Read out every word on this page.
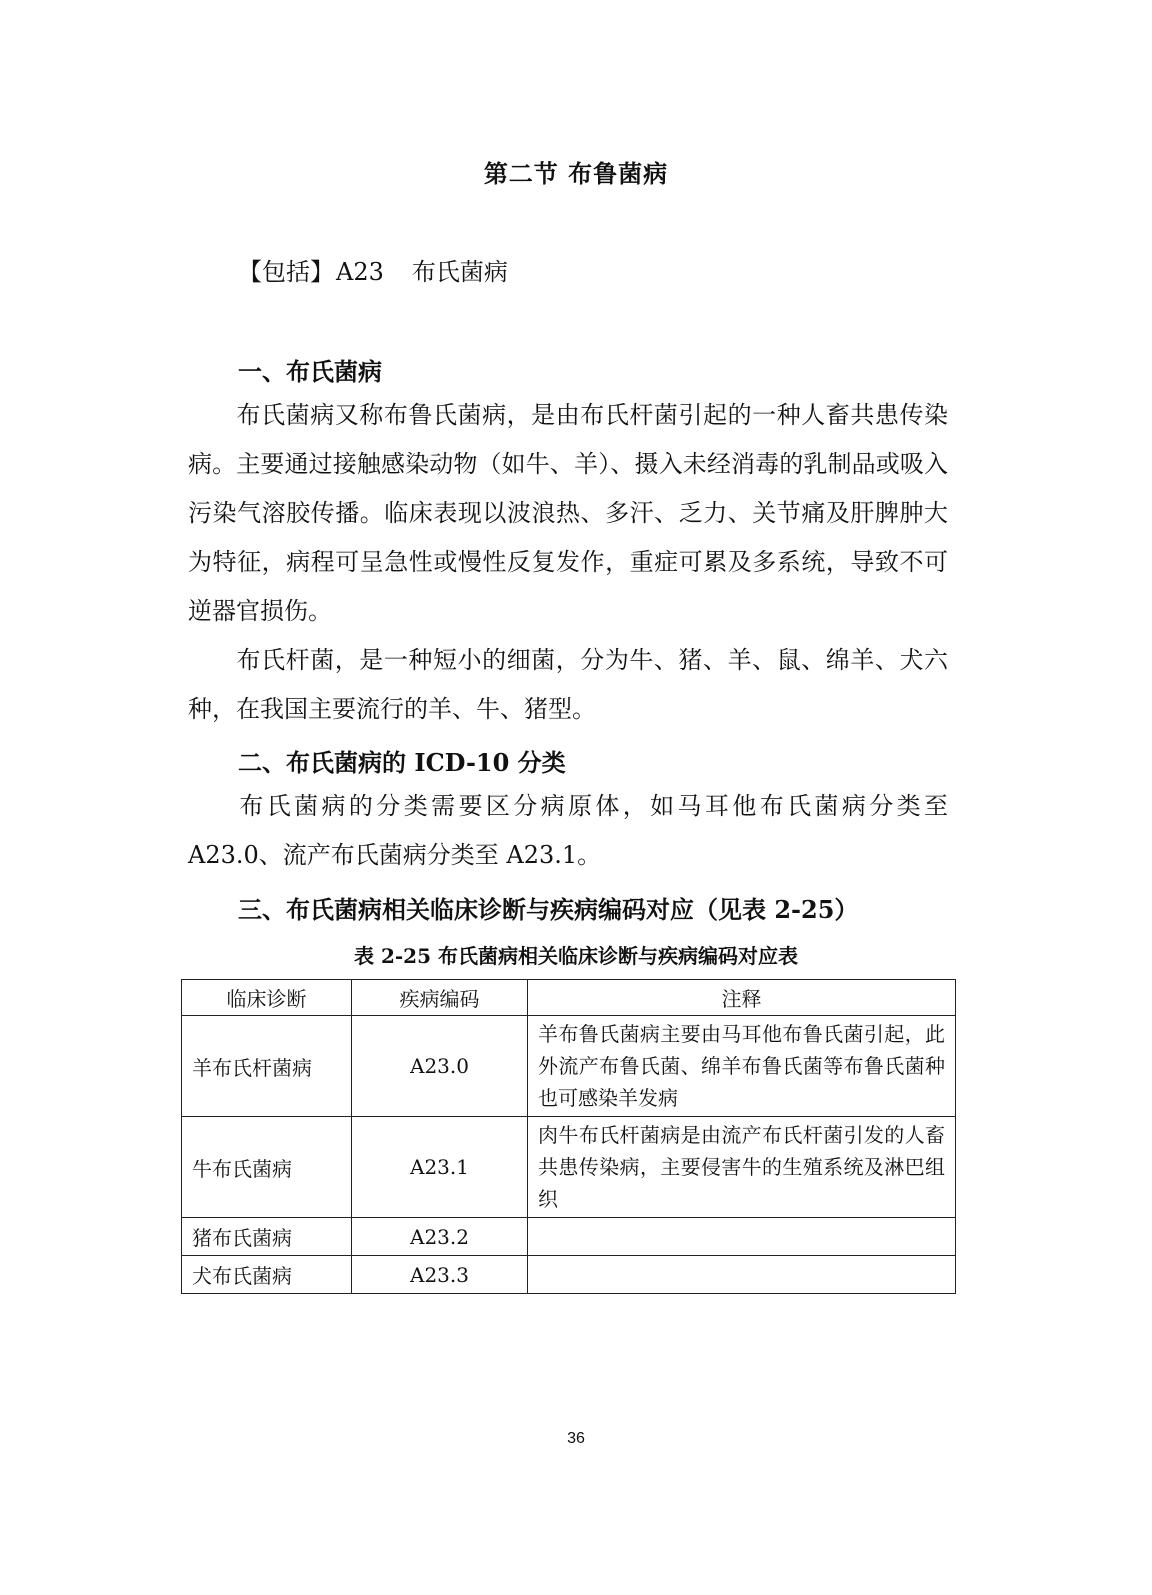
第二节 布鲁菌病
【包括】A23 布氏菌病
一、布氏菌病
布氏菌病又称布鲁氏菌病，是由布氏杆菌引起的一种人畜共患传染病。主要通过接触感染动物（如牛、羊）、摄入未经消毒的乳制品或吸入污染气溶胶传播。临床表现以波浪热、多汗、乏力、关节痛及肝脾肿大为特征，病程可呈急性或慢性反复发作，重症可累及多系统，导致不可逆器官损伤。
布氏杆菌，是一种短小的细菌，分为牛、猪、羊、鼠、绵羊、犬六种，在我国主要流行的羊、牛、猪型。
二、布氏菌病的 ICD-10 分类
布氏菌病的分类需要区分病原体，如马耳他布氏菌病分类至 A23.0、流产布氏菌病分类至 A23.1。
三、布氏菌病相关临床诊断与疾病编码对应（见表 2-25）
表 2-25 布氏菌病相关临床诊断与疾病编码对应表
临床诊断	疾病编码	注释
羊布氏杆菌病	A23.0	羊布鲁氏菌病主要由马耳他布鲁氏菌引起，此外流产布鲁氏菌、绵羊布鲁氏菌等布鲁氏菌种也可感染羊发病
牛布氏菌病	A23.1	肉牛布氏杆菌病是由流产布氏杆菌引发的人畜共患传染病，主要侵害牛的生殖系统及淋巴组织
猪布氏菌病	A23.2	
犬布氏菌病	A23.3	
36
